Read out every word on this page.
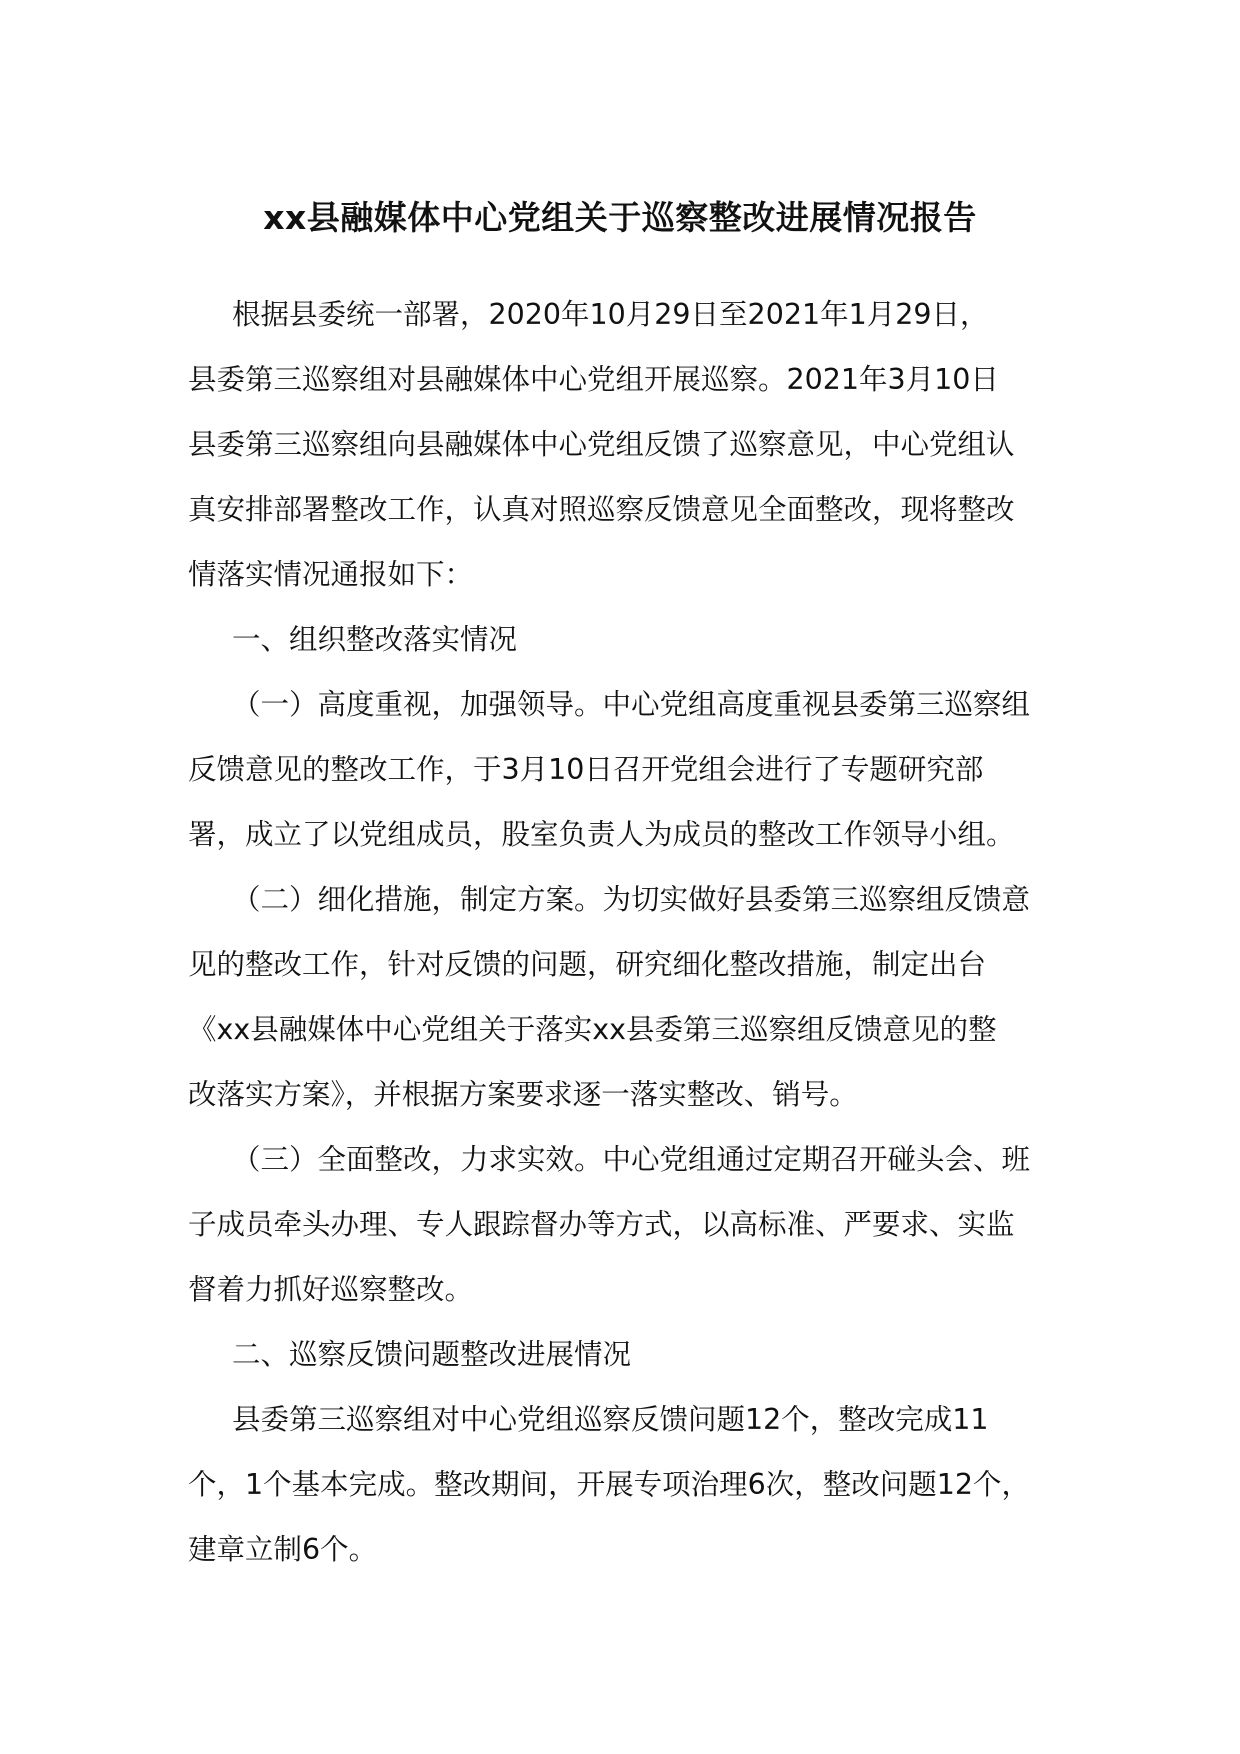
xx县融媒体中心党组关于巡察整改进展情况报告
根据县委统一部署，2020年10月29日至2021年1月29日，
县委第三巡察组对县融媒体中心党组开展巡察。2021年3月10日
县委第三巡察组向县融媒体中心党组反馈了巡察意见，中心党组认
真安排部署整改工作，认真对照巡察反馈意见全面整改，现将整改
情落实情况通报如下：
一、组织整改落实情况
（一）高度重视，加强领导。中心党组高度重视县委第三巡察组
反馈意见的整改工作，于3月10日召开党组会进行了专题研究部
署，成立了以党组成员，股室负责人为成员的整改工作领导小组。
（二）细化措施，制定方案。为切实做好县委第三巡察组反馈意
见的整改工作，针对反馈的问题，研究细化整改措施，制定出台
《xx县融媒体中心党组关于落实xx县委第三巡察组反馈意见的整
改落实方案》，并根据方案要求逐一落实整改、销号。
（三）全面整改，力求实效。中心党组通过定期召开碰头会、班
子成员牵头办理、专人跟踪督办等方式，以高标准、严要求、实监
督着力抓好巡察整改。
二、巡察反馈问题整改进展情况
县委第三巡察组对中心党组巡察反馈问题12个，整改完成11
个，1个基本完成。整改期间，开展专项治理6次，整改问题12个，
建章立制6个。
